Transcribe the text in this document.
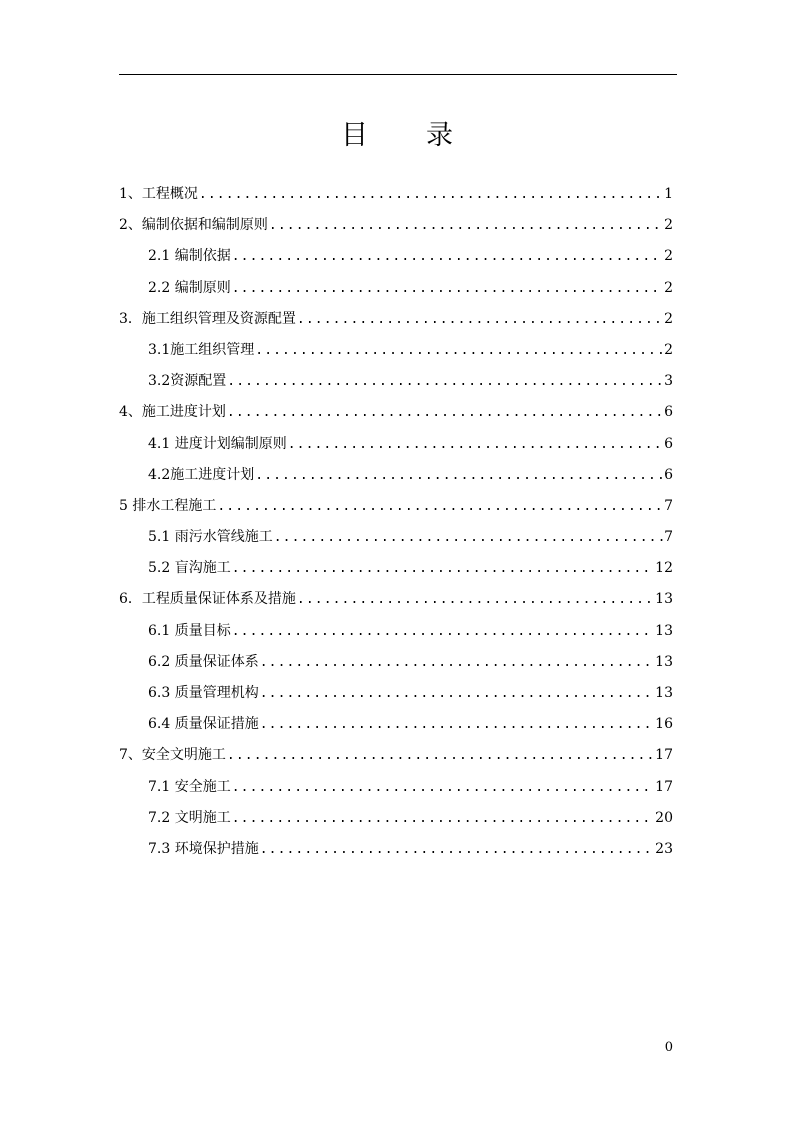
目 录
1、工程概况 .....	1
2、编制依据和编制原则 .....	2
2.1 编制依据 .....	2
2.2 编制原则 .....	2
3．施工组织管理及资源配置 .....	2
3.1施工组织管理 .....	2
3.2资源配置 .....	3
4、施工进度计划 .....	6
4.1 进度计划编制原则 .....	6
4.2施工进度计划 .....	6
5 排水工程施工 .....	7
5.1 雨污水管线施工 .....	7
5.2 盲沟施工 .....	12
6．工程质量保证体系及措施 .....	13
6.1 质量目标 .....	13
6.2 质量保证体系 .....	13
6.3 质量管理机构 .....	13
6.4 质量保证措施 .....	16
7、安全文明施工 .....	17
7.1 安全施工 .....	17
7.2 文明施工 .....	20
7.3 环境保护措施 .....	23
0
